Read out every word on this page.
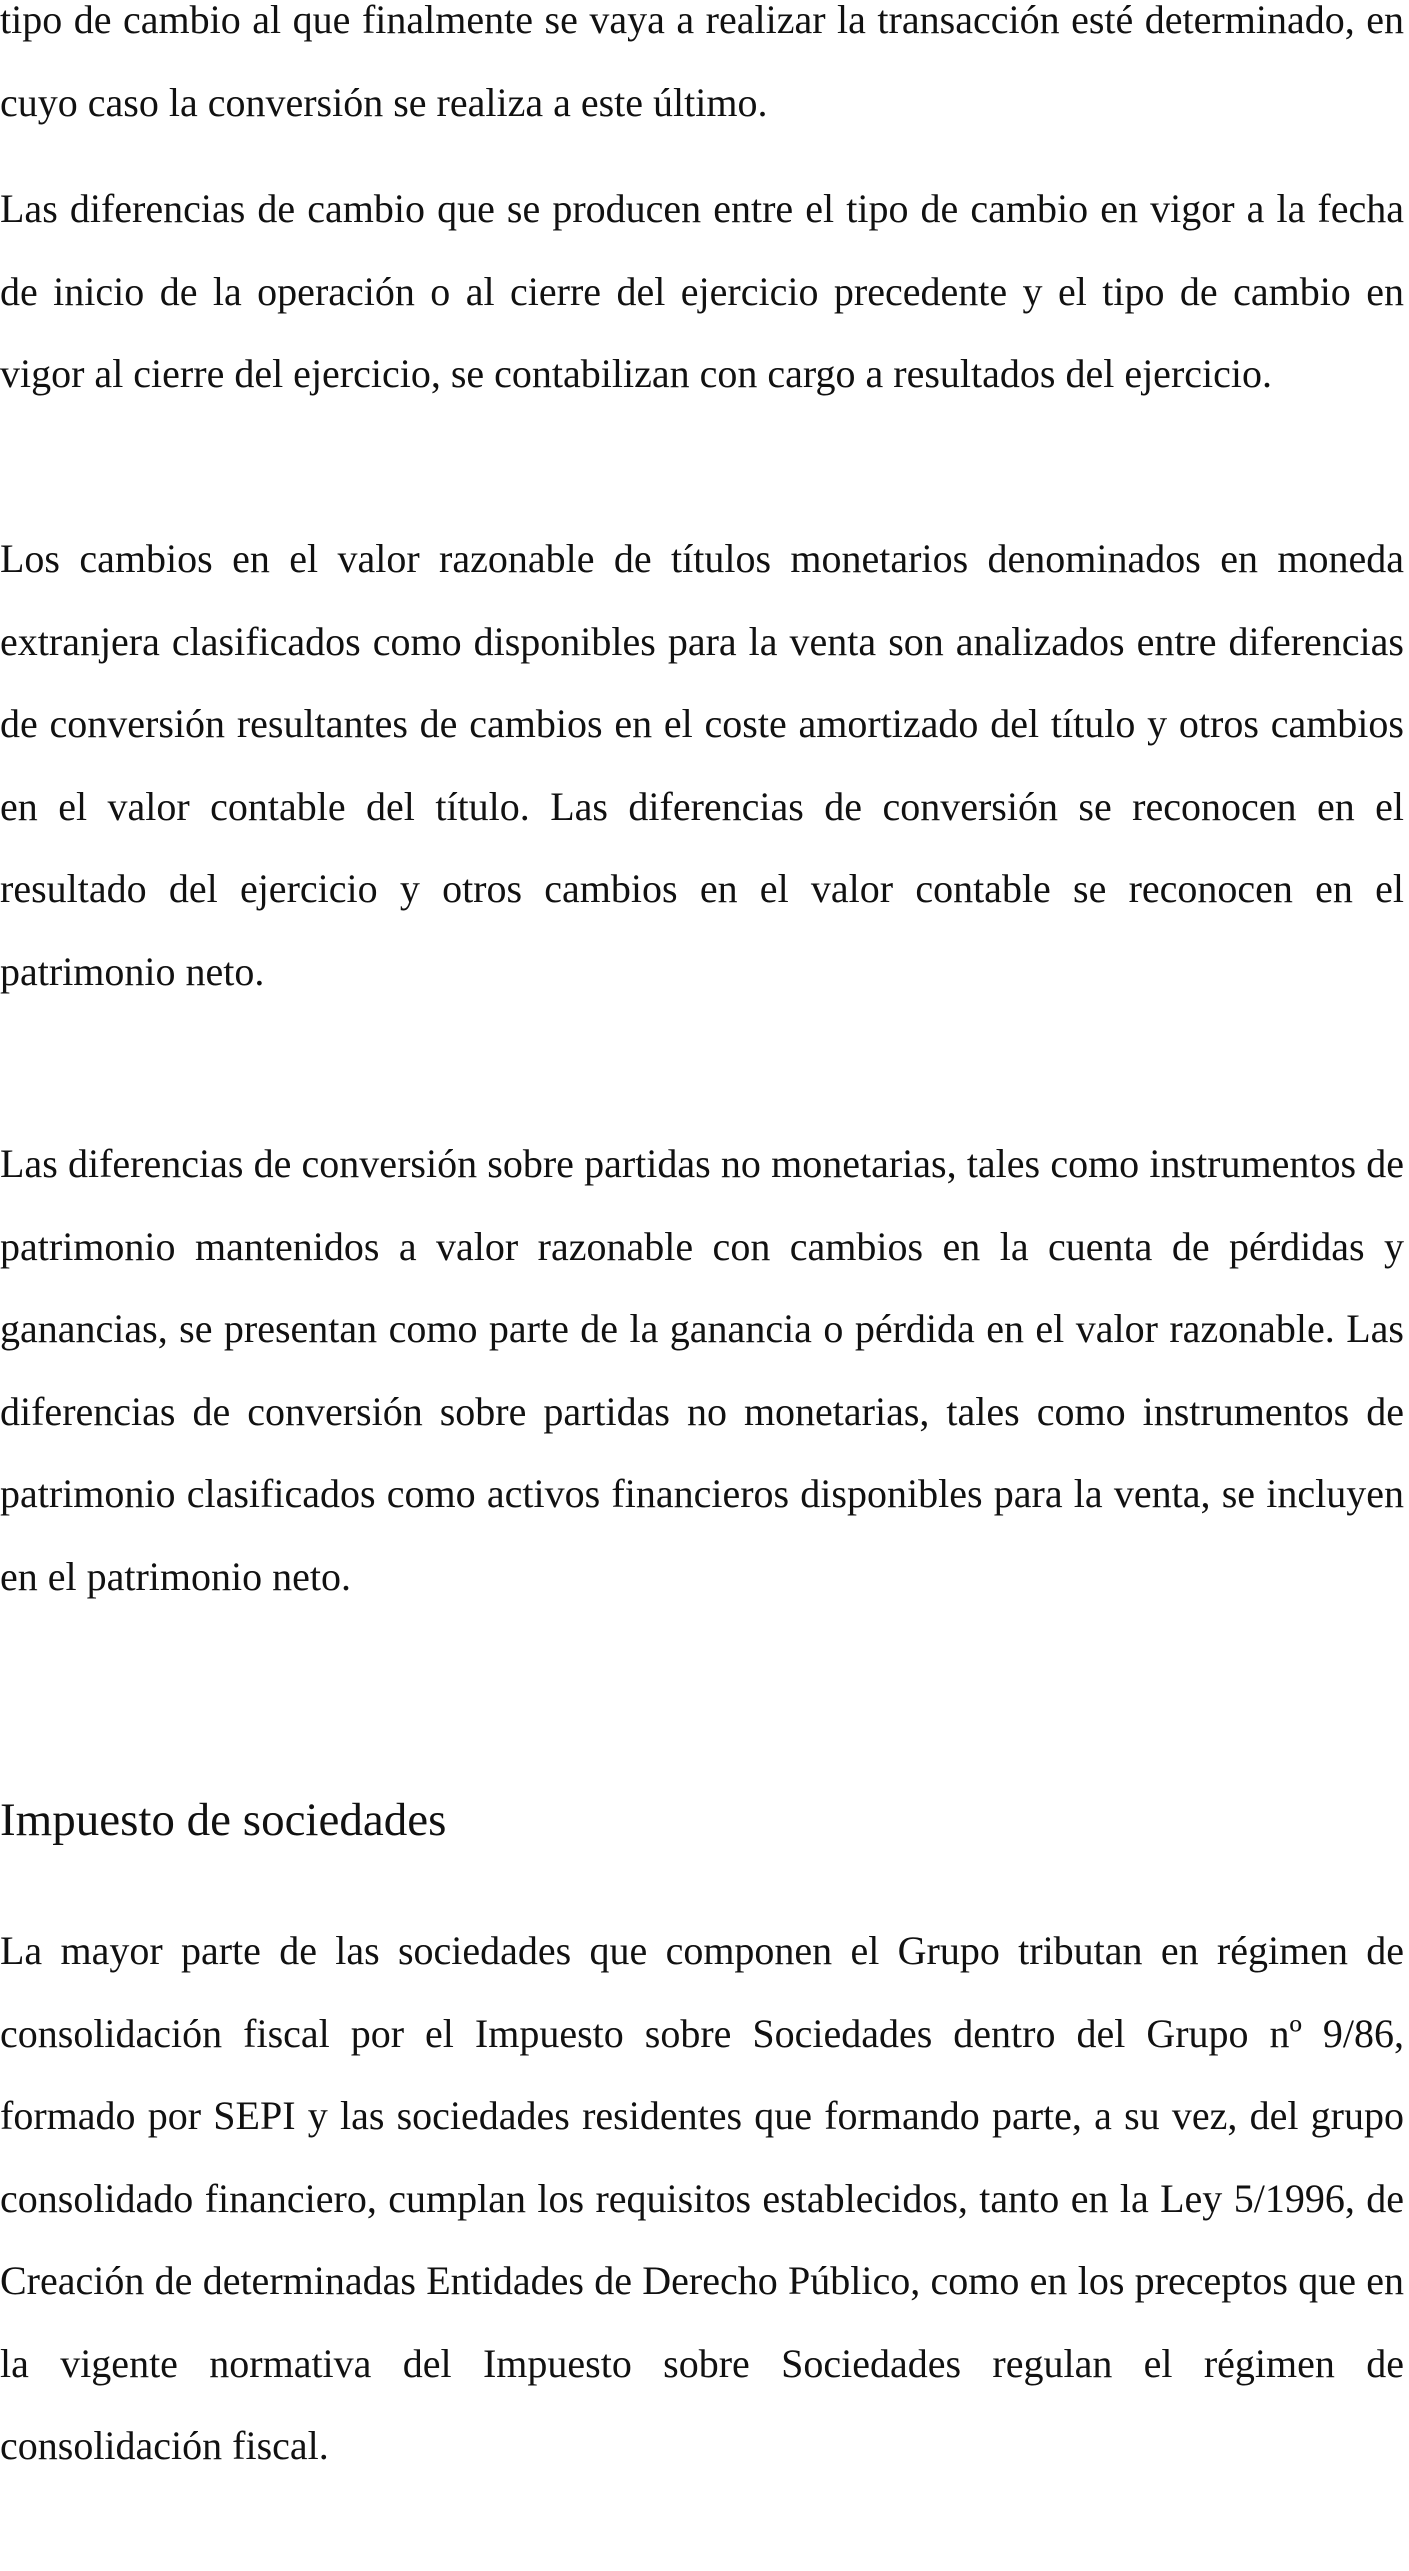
tipo de cambio al que finalmente se vaya a realizar la transacción esté determinado, en cuyo caso la conversión se realiza a este último.

Las diferencias de cambio que se producen entre el tipo de cambio en vigor a la fecha de inicio de la operación o al cierre del ejercicio precedente y el tipo de cambio en vigor al cierre del ejercicio, se contabilizan con cargo a resultados del ejercicio.

Los cambios en el valor razonable de títulos monetarios denominados en moneda extranjera clasificados como disponibles para la venta son analizados entre diferencias de conversión resultantes de cambios en el coste amortizado del título y otros cambios en el valor contable del título. Las diferencias de conversión se reconocen en el resultado del ejercicio y otros cambios en el valor contable se reconocen en el patrimonio neto.

Las diferencias de conversión sobre partidas no monetarias, tales como instrumentos de patrimonio mantenidos a valor razonable con cambios en la cuenta de pérdidas y ganancias, se presentan como parte de la ganancia o pérdida en el valor razonable. Las diferencias de conversión sobre partidas no monetarias, tales como instrumentos de patrimonio clasificados como activos financieros disponibles para la venta, se incluyen en el patrimonio neto.

Impuesto de sociedades

La mayor parte de las sociedades que componen el Grupo tributan en régimen de consolidación fiscal por el Impuesto sobre Sociedades dentro del Grupo nº 9/86, formado por SEPI y las sociedades residentes que formando parte, a su vez, del grupo consolidado financiero, cumplan los requisitos establecidos, tanto en la Ley 5/1996, de Creación de determinadas Entidades de Derecho Público, como en los preceptos que en la vigente normativa del Impuesto sobre Sociedades regulan el régimen de consolidación fiscal.
